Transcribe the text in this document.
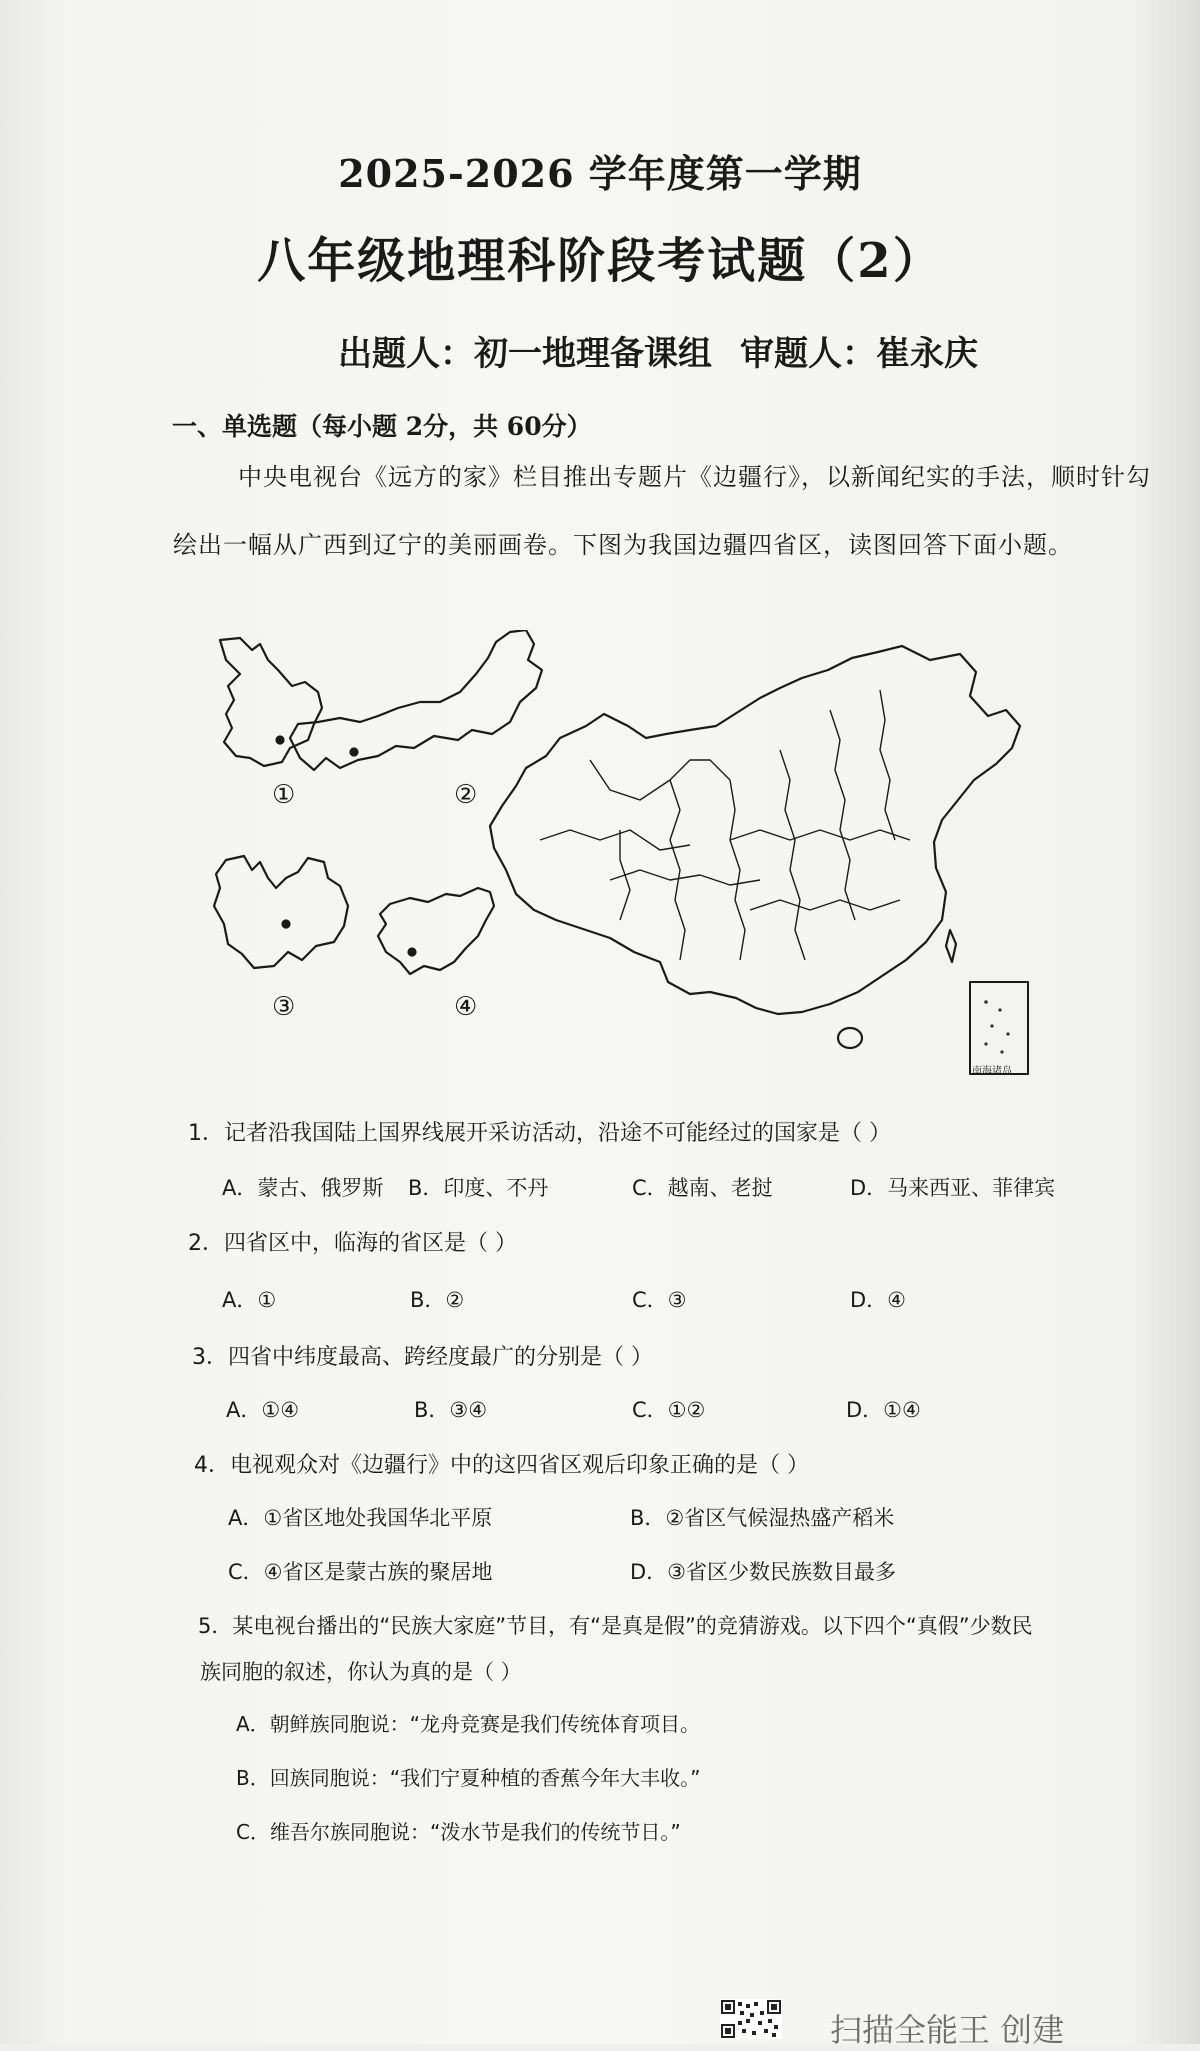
2025-2026 学年度第一学期
八年级地理科阶段考试题（2）
出题人：初一地理备课组 审题人：崔永庆
一、单选题（每小题 2分，共 60分）
中央电视台《远方的家》栏目推出专题片《边疆行》，以新闻纪实的手法，顺时针勾
绘出一幅从广西到辽宁的美丽画卷。下图为我国边疆四省区，读图回答下面小题。
①	②
③	④
南海诸岛
1．记者沿我国陆上国界线展开采访活动，沿途不可能经过的国家是（ ）
A．蒙古、俄罗斯 B．印度、不丹	C．越南、老挝	D．马来西亚、菲律宾
2．四省区中，临海的省区是（ ）
A．①	B．②	C．③	D．④
3．四省中纬度最高、跨经度最广的分别是（ ）
A．①④	B．③④	C．①②	D．①④
4．电视观众对《边疆行》中的这四省区观后印象正确的是（ ）
A．①省区地处我国华北平原	B．②省区气候湿热盛产稻米
C．④省区是蒙古族的聚居地	D．③省区少数民族数目最多
5．某电视台播出的“民族大家庭”节目，有“是真是假”的竞猜游戏。以下四个“真假”少数民
族同胞的叙述，你认为真的是（ ）
A．朝鲜族同胞说：“龙舟竞赛是我们传统体育项目。
B．回族同胞说：“我们宁夏种植的香蕉今年大丰收。”
C．维吾尔族同胞说：“泼水节是我们的传统节日。”
扫描全能王 创建
